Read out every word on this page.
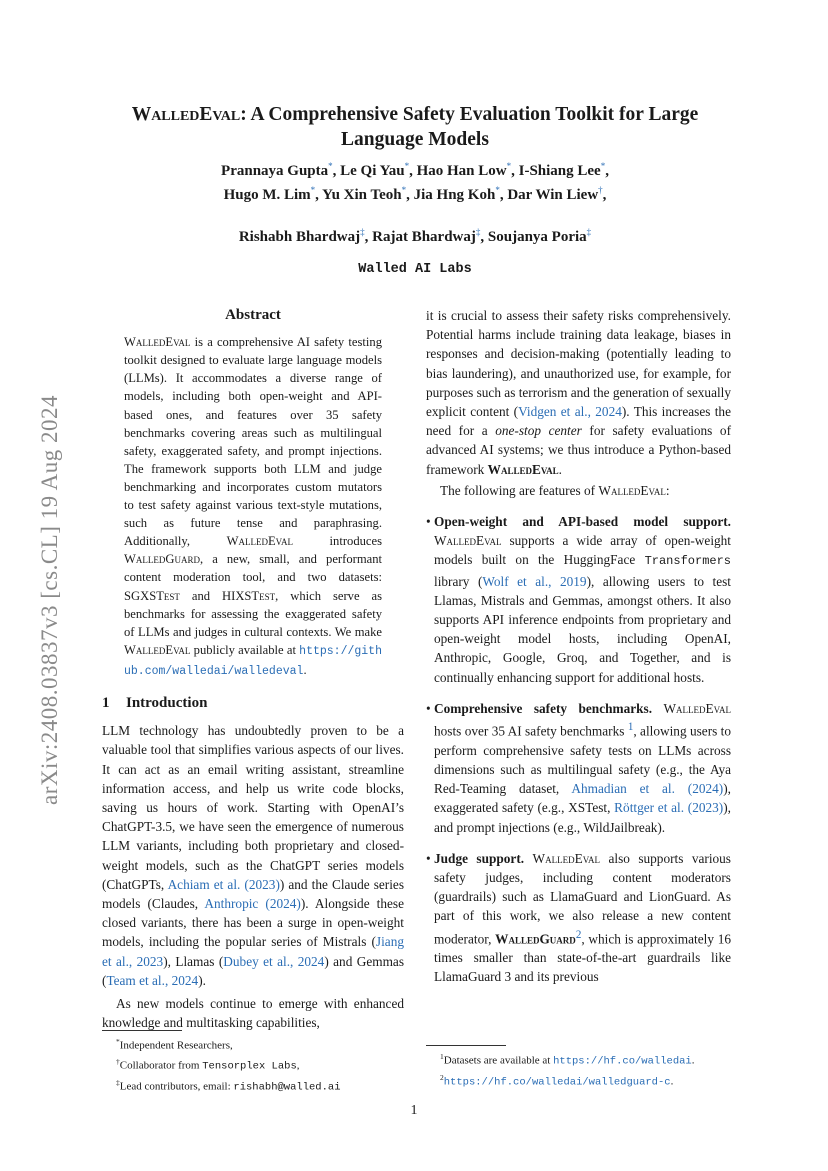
arXiv:2408.03837v3 [cs.CL] 19 Aug 2024
WalledEval: A Comprehensive Safety Evaluation Toolkit for Large
Language Models
Prannaya Gupta*, Le Qi Yau*, Hao Han Low*, I-Shiang Lee*,
Hugo M. Lim*, Yu Xin Teoh*, Jia Hng Koh*, Dar Win Liew†,
Rishabh Bhardwaj‡, Rajat Bhardwaj‡, Soujanya Poria‡
Walled AI Labs
Abstract

WalledEval is a comprehensive AI safety testing toolkit designed to evaluate large language models (LLMs). It accommodates a diverse range of models, including both open-weight and API-based ones, and features over 35 safety benchmarks covering areas such as multilingual safety, exaggerated safety, and prompt injections. The framework supports both LLM and judge benchmarking and incorporates custom mutators to test safety against various text-style mutations, such as future tense and paraphrasing. Additionally, WalledEval introduces WalledGuard, a new, small, and performant content moderation tool, and two datasets: SGXSTest and HIXSTest, which serve as benchmarks for assessing the exaggerated safety of LLMs and judges in cultural contexts. We make WalledEval publicly available at https://github.com/walledai/walledeval.

1 Introduction

LLM technology has undoubtedly proven to be a valuable tool that simplifies various aspects of our lives. It can act as an email writing assistant, streamline information access, and help us write code blocks, saving us hours of work. Starting with OpenAI’s ChatGPT-3.5, we have seen the emergence of numerous LLM variants, including both proprietary and closed-weight models, such as the ChatGPT series models (ChatGPTs, Achiam et al. (2023)) and the Claude series models (Claudes, Anthropic (2024)). Alongside these closed variants, there has been a surge in open-weight models, including the popular series of Mistrals (Jiang et al., 2023), Llamas (Dubey et al., 2024) and Gemmas (Team et al., 2024).

As new models continue to emerge with enhanced knowledge and multitasking capabilities,

it is crucial to assess their safety risks comprehensively. Potential harms include training data leakage, biases in responses and decision-making (potentially leading to bias laundering), and unauthorized use, for example, for purposes such as terrorism and the generation of sexually explicit content (Vidgen et al., 2024). This increases the need for a one-stop center for safety evaluations of advanced AI systems; we thus introduce a Python-based framework WalledEval.

The following are features of WalledEval:

• Open-weight and API-based model support. WalledEval supports a wide array of open-weight models built on the HuggingFace Transformers library (Wolf et al., 2019), allowing users to test Llamas, Mistrals and Gemmas, amongst others. It also supports API inference endpoints from proprietary and open-weight model hosts, including OpenAI, Anthropic, Google, Groq, and Together, and is continually enhancing support for additional hosts.
• Comprehensive safety benchmarks. WalledEval hosts over 35 AI safety benchmarks $^1$, allowing users to perform comprehensive safety tests on LLMs across dimensions such as multilingual safety (e.g., the Aya Red-Teaming dataset, Ahmadian et al. (2024)), exaggerated safety (e.g., XSTest, Röttger et al. (2023)), and prompt injections (e.g., WildJailbreak).
• Judge support. WalledEval also supports various safety judges, including content moderators (guardrails) such as LlamaGuard and LionGuard. As part of this work, we also release a new content moderator, WalledGuard$^2$, which is approximately 16 times smaller than state-of-the-art guardrails like LlamaGuard 3 and its previous
*Independent Researchers,
†Collaborator from Tensorplex Labs,
‡Lead contributors, email: rishabh@walled.ai
$^1$Datasets are available at https://hf.co/walledai.
$^2$https://hf.co/walledai/walledguard-c.
1
